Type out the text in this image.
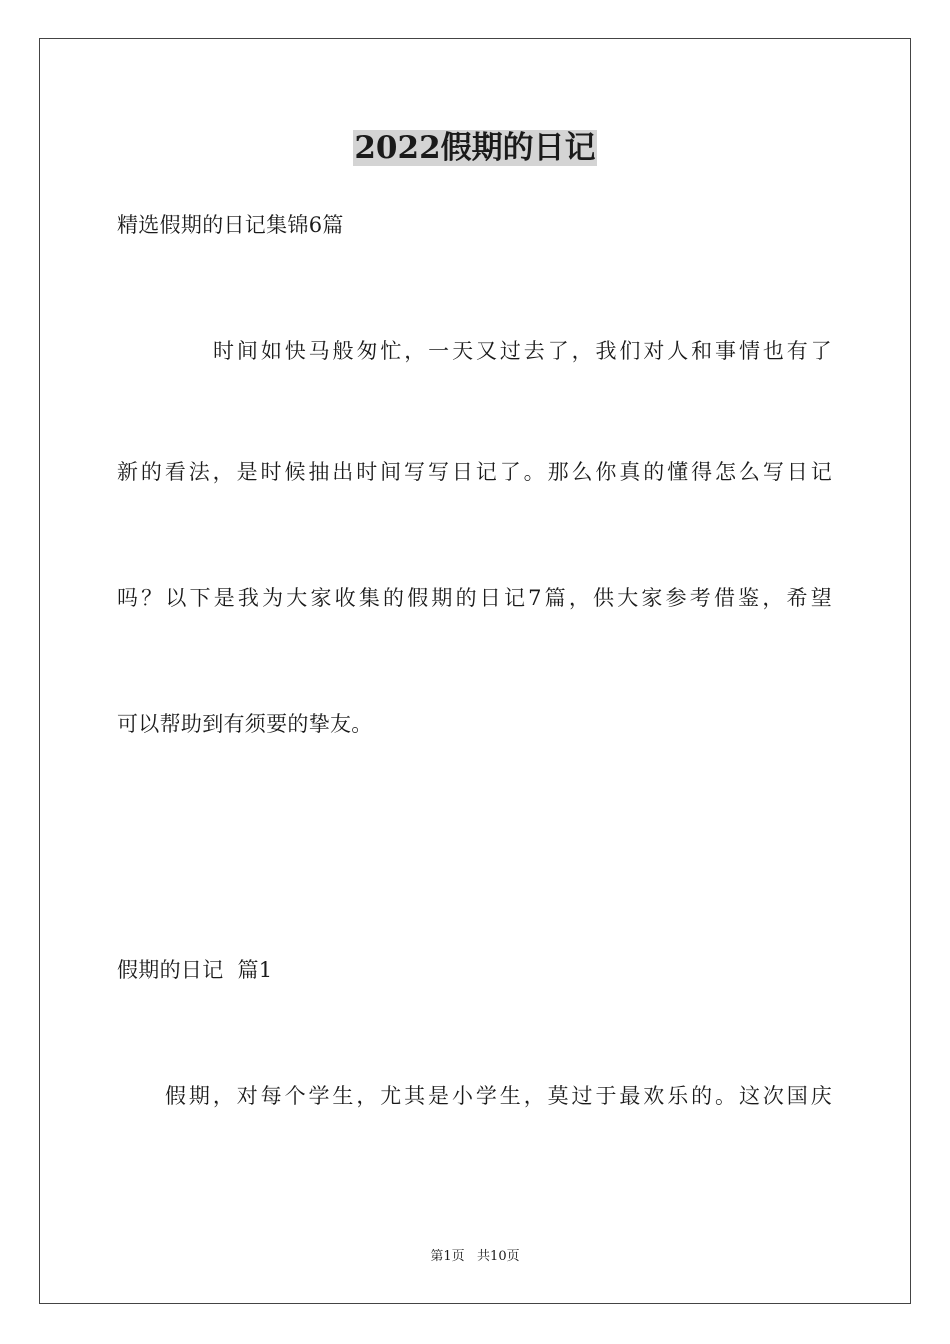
2022假期的日记
精选假期的日记集锦6篇
时间如快马般匆忙，一天又过去了，我们对人和事情也有了
新的看法，是时候抽出时间写写日记了。那么你真的懂得怎么写日记
吗？以下是我为大家收集的假期的日记7篇，供大家参考借鉴，希望
可以帮助到有须要的挚友。
假期的日记  篇1
假期，对每个学生，尤其是小学生，莫过于最欢乐的。这次国庆
第1页   共10页
